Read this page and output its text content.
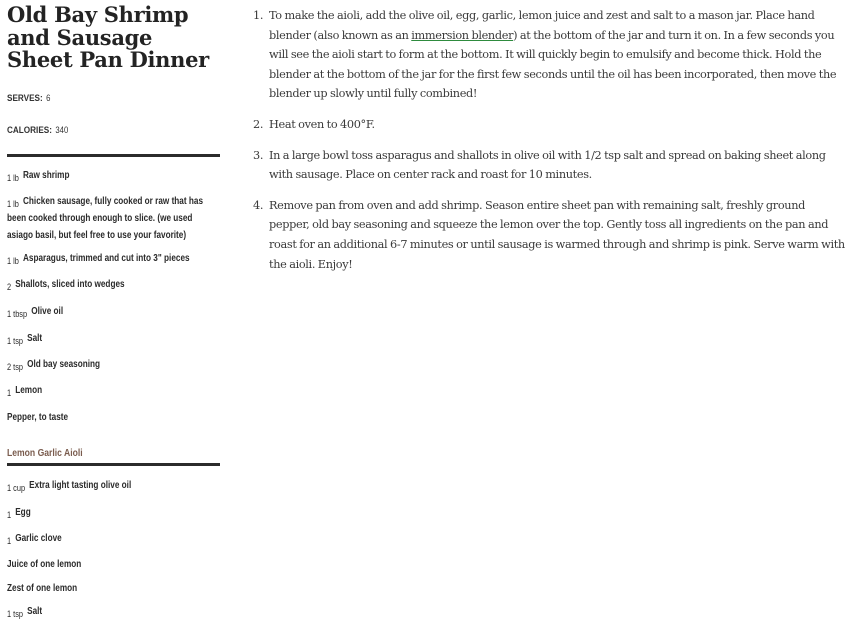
Old Bay Shrimp and Sausage Sheet Pan Dinner
SERVES: 6
CALORIES: 340
1 lb Raw shrimp
1 lb Chicken sausage, fully cooked or raw that has been cooked through enough to slice. (we used asiago basil, but feel free to use your favorite)
1 lb Asparagus, trimmed and cut into 3" pieces
2 Shallots, sliced into wedges
1 tbsp Olive oil
1 tsp Salt
2 tsp Old bay seasoning
1 Lemon
Pepper, to taste
Lemon Garlic Aioli
1 cup Extra light tasting olive oil
1 Egg
1 Garlic clove
Juice of one lemon
Zest of one lemon
1 tsp Salt
1. To make the aioli, add the olive oil, egg, garlic, lemon juice and zest and salt to a mason jar. Place hand blender (also known as an immersion blender) at the bottom of the jar and turn it on. In a few seconds you will see the aioli start to form at the bottom. It will quickly begin to emulsify and become thick. Hold the blender at the bottom of the jar for the first few seconds until the oil has been incorporated, then move the blender up slowly until fully combined!
2. Heat oven to 400°F.
3. In a large bowl toss asparagus and shallots in olive oil with 1/2 tsp salt and spread on baking sheet along with sausage. Place on center rack and roast for 10 minutes.
4. Remove pan from oven and add shrimp. Season entire sheet pan with remaining salt, freshly ground pepper, old bay seasoning and squeeze the lemon over the top. Gently toss all ingredients on the pan and roast for an additional 6-7 minutes or until sausage is warmed through and shrimp is pink. Serve warm with the aioli. Enjoy!
